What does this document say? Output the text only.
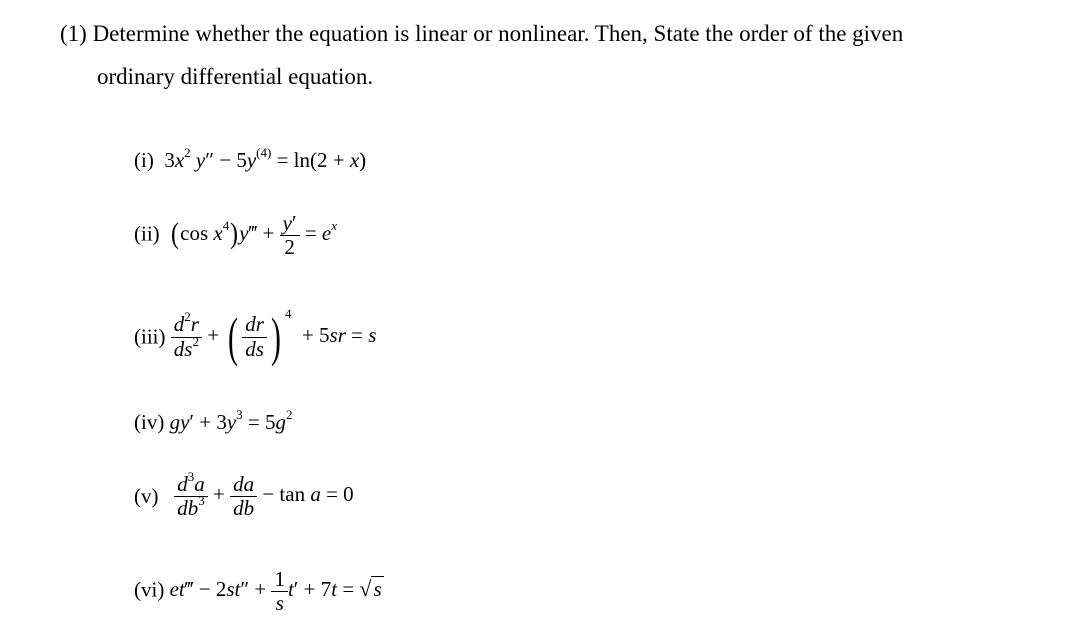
(1) Determine whether the equation is linear or nonlinear. Then, State the order of the given
ordinary differential equation.
(i)  $3x^2$ $y'' - 5y^{(4)} = \ln(2 + x)$
(ii) (cos $x^4)y‴ + \frac{y'}{2} = e^x$
$(iii) \frac{d^2r}{ds^2}$ + ( $\frac{dr}{ds}$ ) $^4$  + 5sr = s
(iv) $gy' + 3y^3 = 5g^2$
$(v) \frac{d^3a}{db^3} + \frac{da}{db} - \tan a = 0$
(vi) et‴ − $2st'' + \frac{1}{s} t' + 7t = √s$
